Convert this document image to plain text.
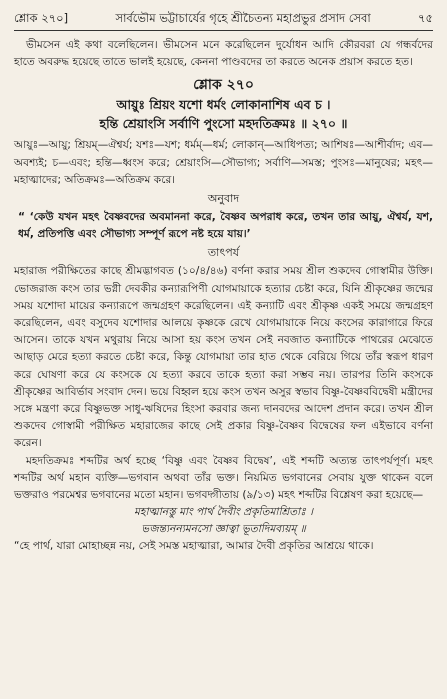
শ্লোক ২৭০]	সার্বভৌম ভট্টাচার্যের গৃহে শ্রীচৈতন্য মহাপ্রভুর প্রসাদ সেবা	৭৫

ভীমসেন এই কথা বলেছিলেন। ভীমসেন মনে করেছিলেন দুর্যোধন আদি কৌরবরা যে গন্ধর্বদের হাতে অবরুদ্ধ হয়েছে তাতে ভালই হয়েছে, কেননা পাণ্ডবদের তা করতে অনেক প্রয়াস করতে হত।

শ্লোক ২৭০
আয়ুঃ শ্রিয়ং যশো ধর্মং লোকানাশিষ এব চ ।
হন্তি শ্রেয়াংসি সর্বাণি পুংসো মহদতিক্রমঃ ॥ ২৭০ ॥

আয়ুঃ—আয়ু; শ্রিয়ম্—ঐশ্বর্য; যশঃ—যশ; ধর্মম্—ধর্ম; লোকান্—আধিপত্য; আশিষঃ—আশীর্বাদ; এব—অবশ্যই; চ—এবং; হন্তি—ধ্বংস করে; শ্রেয়াংসি—সৌভাগ্য; সর্বাণি—সমস্ত; পুংসঃ—মানুষের; মহৎ—মহাত্মাদের; অতিক্রমঃ—অতিক্রম করে।

অনুবাদ

“ ‘কেউ যখন মহৎ বৈষ্ণবদের অবমাননা করে, বৈষ্ণব অপরাধ করে, তখন তার আয়ু, ঐশ্বর্য, যশ, ধর্ম, প্রতিপত্তি এবং সৌভাগ্য সম্পূর্ণ রূপে নষ্ট হয়ে যায়।’

তাৎপর্য

মহারাজ পরীক্ষিতের কাছে শ্রীমদ্ভাগবত (১০/৪/৪৬) বর্ণনা করার সময় শ্রীল শুকদেব গোস্বামীর উক্তি। ভোজরাজ কংস তার ভগ্নী দেবকীর কন্যারূপিণী যোগমায়াকে হত্যার চেষ্টা করে, যিনি শ্রীকৃষ্ণের জন্মের সময় যশোদা মায়ের কন্যারূপে জন্মগ্রহণ করেছিলেন। এই কন্যাটি এবং শ্রীকৃষ্ণ একই সময়ে জন্মগ্রহণ করেছিলেন, এবং বসুদেব যশোদার আলয়ে কৃষ্ণকে রেখে যোগমায়াকে নিয়ে কংসের কারাগারে ফিরে আসেন। তাকে যখন মথুরায় নিয়ে আসা হয় কংস তখন সেই নবজাত কন্যাটিকে পাথরের মেঝেতে আছাড় মেরে হত্যা করতে চেষ্টা করে, কিন্তু যোগমায়া তার হাত থেকে বেরিয়ে গিয়ে তাঁর স্বরূপ ধারণ করে ঘোষণা করে যে কংসকে যে হত্যা করবে তাকে হত্যা করা সম্ভব নয়। তারপর তিনি কংসকে শ্রীকৃষ্ণের আবির্ভাব সংবাদ দেন। ভয়ে বিহ্বল হয়ে কংস তখন অসুর স্বভাব বিষ্ণু-বৈষ্ণববিদ্বেষী মন্ত্রীদের সঙ্গে মন্ত্রণা করে বিষ্ণুভক্ত সাধু-ঋষিদের হিংসা করবার জন্য দানবদের আদেশ প্রদান করে। তখন শ্রীল শুকদেব গোস্বামী পরীক্ষিত মহারাজের কাছে সেই প্রকার বিষ্ণু-বৈষ্ণব বিদ্বেষের ফল এইভাবে বর্ণনা করেন।

মহদতিক্রমঃ শব্দটির অর্থ হচ্ছে ‘বিষ্ণু এবং বৈষ্ণব বিদ্বেষ’, এই শব্দটি অত্যন্ত তাৎপর্যপূর্ণ। মহৎ শব্দটির অর্থ মহান ব্যক্তি—ভগবান অথবা তাঁর ভক্ত। নিয়মিত ভগবানের সেবায় যুক্ত থাকেন বলে ভক্তরাও পরমেশ্বর ভগবানের মতো মহান। ভগবদ্গীতায় (৯/১৩) মহৎ শব্দটির বিশ্লেষণ করা হয়েছে—

মহাত্মানস্তু মাং পার্থ দৈবীং প্রকৃতিমাশ্রিতাঃ ।
ভজন্ত্যনন্যমনসো জ্ঞাত্বা ভূতাদিমব্যয়ম্ ॥

“হে পার্থ, যারা মোহাচ্ছন্ন নয়, সেই সমস্ত মহাত্মারা, আমার দৈবী প্রকৃতির আশ্রয়ে থাকে।
